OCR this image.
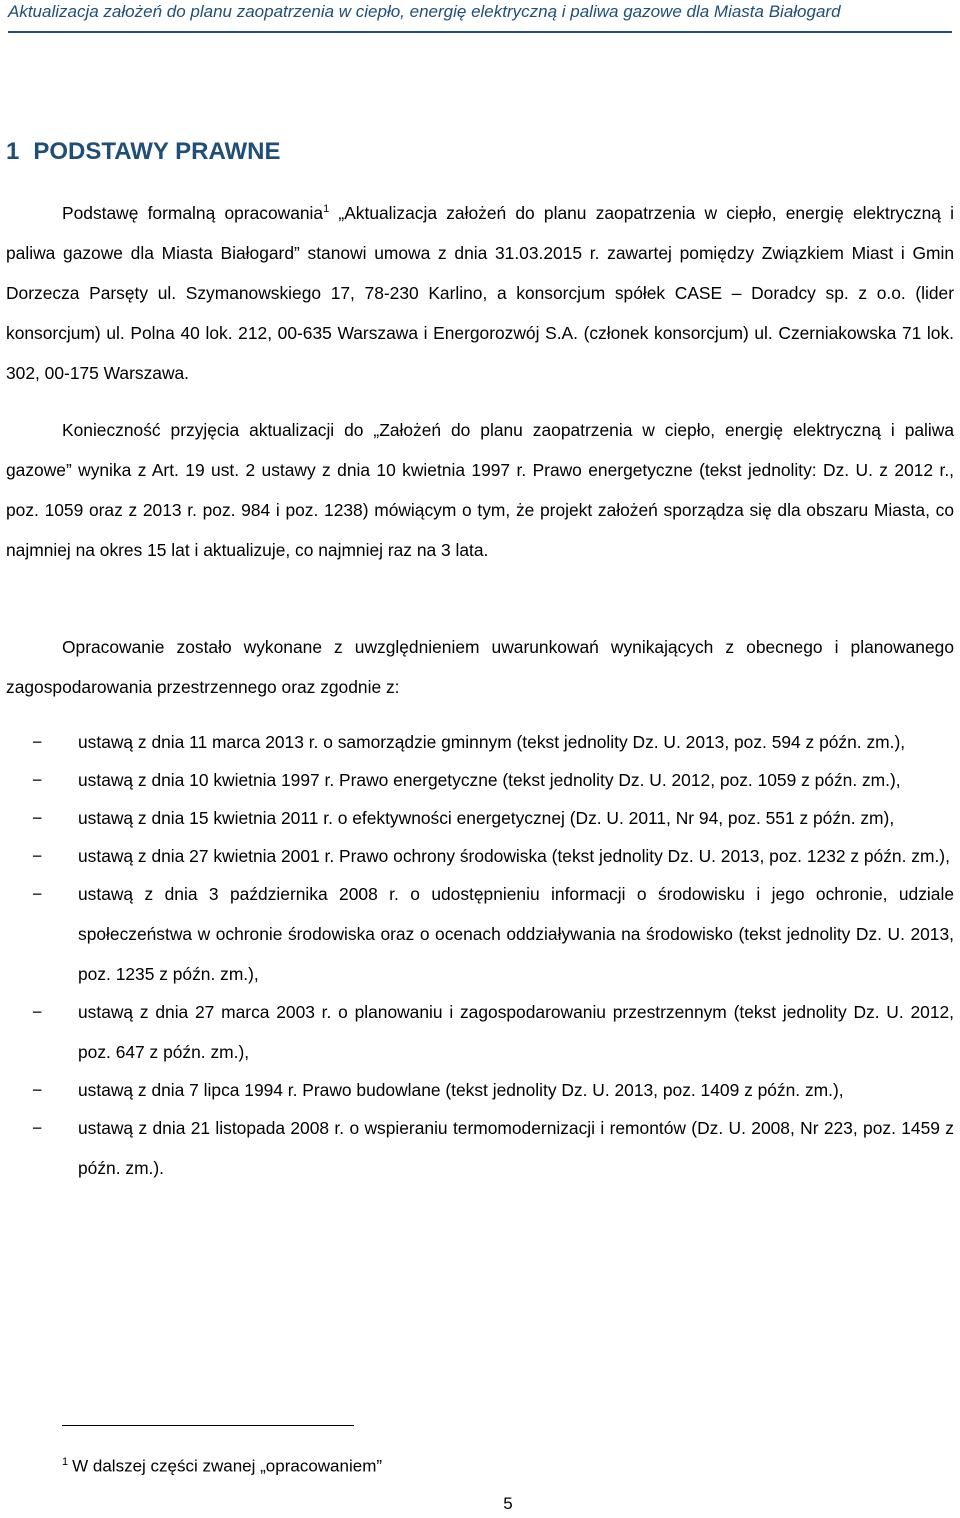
Aktualizacja założeń do planu zaopatrzenia w ciepło, energię elektryczną i paliwa gazowe dla Miasta Białogard
1 PODSTAWY PRAWNE

Podstawę formalną opracowania$^1$ „Aktualizacja założeń do planu zaopatrzenia w ciepło, energię elektryczną i paliwa gazowe dla Miasta Białogard” stanowi umowa z dnia 31.03.2015 r. zawartej pomiędzy Związkiem Miast i Gmin Dorzecza Parsęty ul. Szymanowskiego 17, 78-230 Karlino, a konsorcjum spółek CASE – Doradcy sp. z o.o. (lider konsorcjum) ul. Polna 40 lok. 212, 00-635 Warszawa i Energorozwój S.A. (członek konsorcjum) ul. Czerniakowska 71 lok. 302, 00-175 Warszawa.

Konieczność przyjęcia aktualizacji do „Założeń do planu zaopatrzenia w ciepło, energię elektryczną i paliwa gazowe” wynika z Art. 19 ust. 2 ustawy z dnia 10 kwietnia 1997 r. Prawo energetyczne (tekst jednolity: Dz. U. z 2012 r., poz. 1059 oraz z 2013 r. poz. 984 i poz. 1238) mówiącym o tym, że projekt założeń sporządza się dla obszaru Miasta, co najmniej na okres 15 lat i aktualizuje, co najmniej raz na 3 lata.

Opracowanie zostało wykonane z uwzględnieniem uwarunkowań wynikających z obecnego i planowanego zagospodarowania przestrzennego oraz zgodnie z:

− ustawą z dnia 11 marca 2013 r. o samorządzie gminnym (tekst jednolity Dz. U. 2013, poz. 594 z późn. zm.),
− ustawą z dnia 10 kwietnia 1997 r. Prawo energetyczne (tekst jednolity Dz. U. 2012, poz. 1059 z późn. zm.),
− ustawą z dnia 15 kwietnia 2011 r. o efektywności energetycznej (Dz. U. 2011, Nr 94, poz. 551 z późn. zm),
− ustawą z dnia 27 kwietnia 2001 r. Prawo ochrony środowiska (tekst jednolity Dz. U. 2013, poz. 1232 z późn. zm.),
− ustawą z dnia 3 października 2008 r. o udostępnieniu informacji o środowisku i jego ochronie, udziale społeczeństwa w ochronie środowiska oraz o ocenach oddziaływania na środowisko (tekst jednolity Dz. U. 2013, poz. 1235 z późn. zm.),
− ustawą z dnia 27 marca 2003 r. o planowaniu i zagospodarowaniu przestrzennym (tekst jednolity Dz. U. 2012, poz. 647 z późn. zm.),
− ustawą z dnia 7 lipca 1994 r. Prawo budowlane (tekst jednolity Dz. U. 2013, poz. 1409 z późn. zm.),
− ustawą z dnia 21 listopada 2008 r. o wspieraniu termomodernizacji i remontów (Dz. U. 2008, Nr 223, poz. 1459 z późn. zm.).
$^1$ W dalszej części zwanej „opracowaniem”
5
